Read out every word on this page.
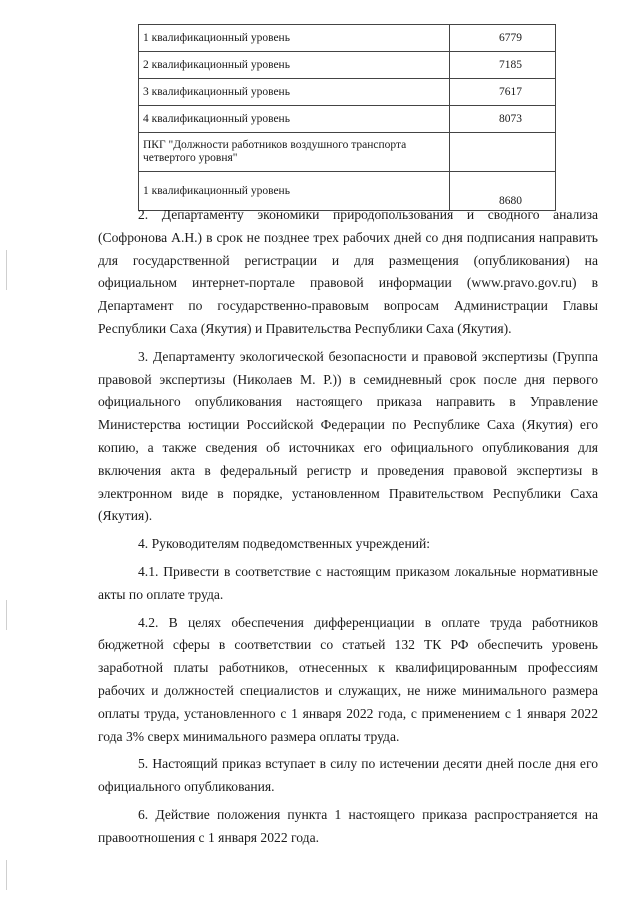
1 квалификационный уровень	6779
2 квалификационный уровень	7185
3 квалификационный уровень	7617
4 квалификационный уровень	8073
ПКГ "Должности работников воздушного транспорта четвертого уровня"	
1 квалификационный уровень	8680

2. Департаменту экономики природопользования и сводного анализа (Софронова А.Н.) в срок не позднее трех рабочих дней со дня подписания направить для государственной регистрации и для размещения (опубликования) на официальном интернет-портале правовой информации (www.pravo.gov.ru) в Департамент по государственно-правовым вопросам Администрации Главы Республики Саха (Якутия) и Правительства Республики Саха (Якутия).

3. Департаменту экологической безопасности и правовой экспертизы (Группа правовой экспертизы (Николаев М. Р.)) в семидневный срок после дня первого официального опубликования настоящего приказа направить в Управление Министерства юстиции Российской Федерации по Республике Саха (Якутия) его копию, а также сведения об источниках его официального опубликования для включения акта в федеральный регистр и проведения правовой экспертизы в электронном виде в порядке, установленном Правительством Республики Саха (Якутия).

4. Руководителям подведомственных учреждений:

4.1. Привести в соответствие с настоящим приказом локальные нормативные акты по оплате труда.

4.2. В целях обеспечения дифференциации в оплате труда работников бюджетной сферы в соответствии со статьей 132 ТК РФ обеспечить уровень заработной платы работников, отнесенных к квалифицированным профессиям рабочих и должностей специалистов и служащих, не ниже минимального размера оплаты труда, установленного с 1 января 2022 года, с применением с 1 января 2022 года 3% сверх минимального размера оплаты труда.

5. Настоящий приказ вступает в силу по истечении десяти дней после дня его официального опубликования.

6. Действие положения пункта 1 настоящего приказа распространяется на правоотношения с 1 января 2022 года.
